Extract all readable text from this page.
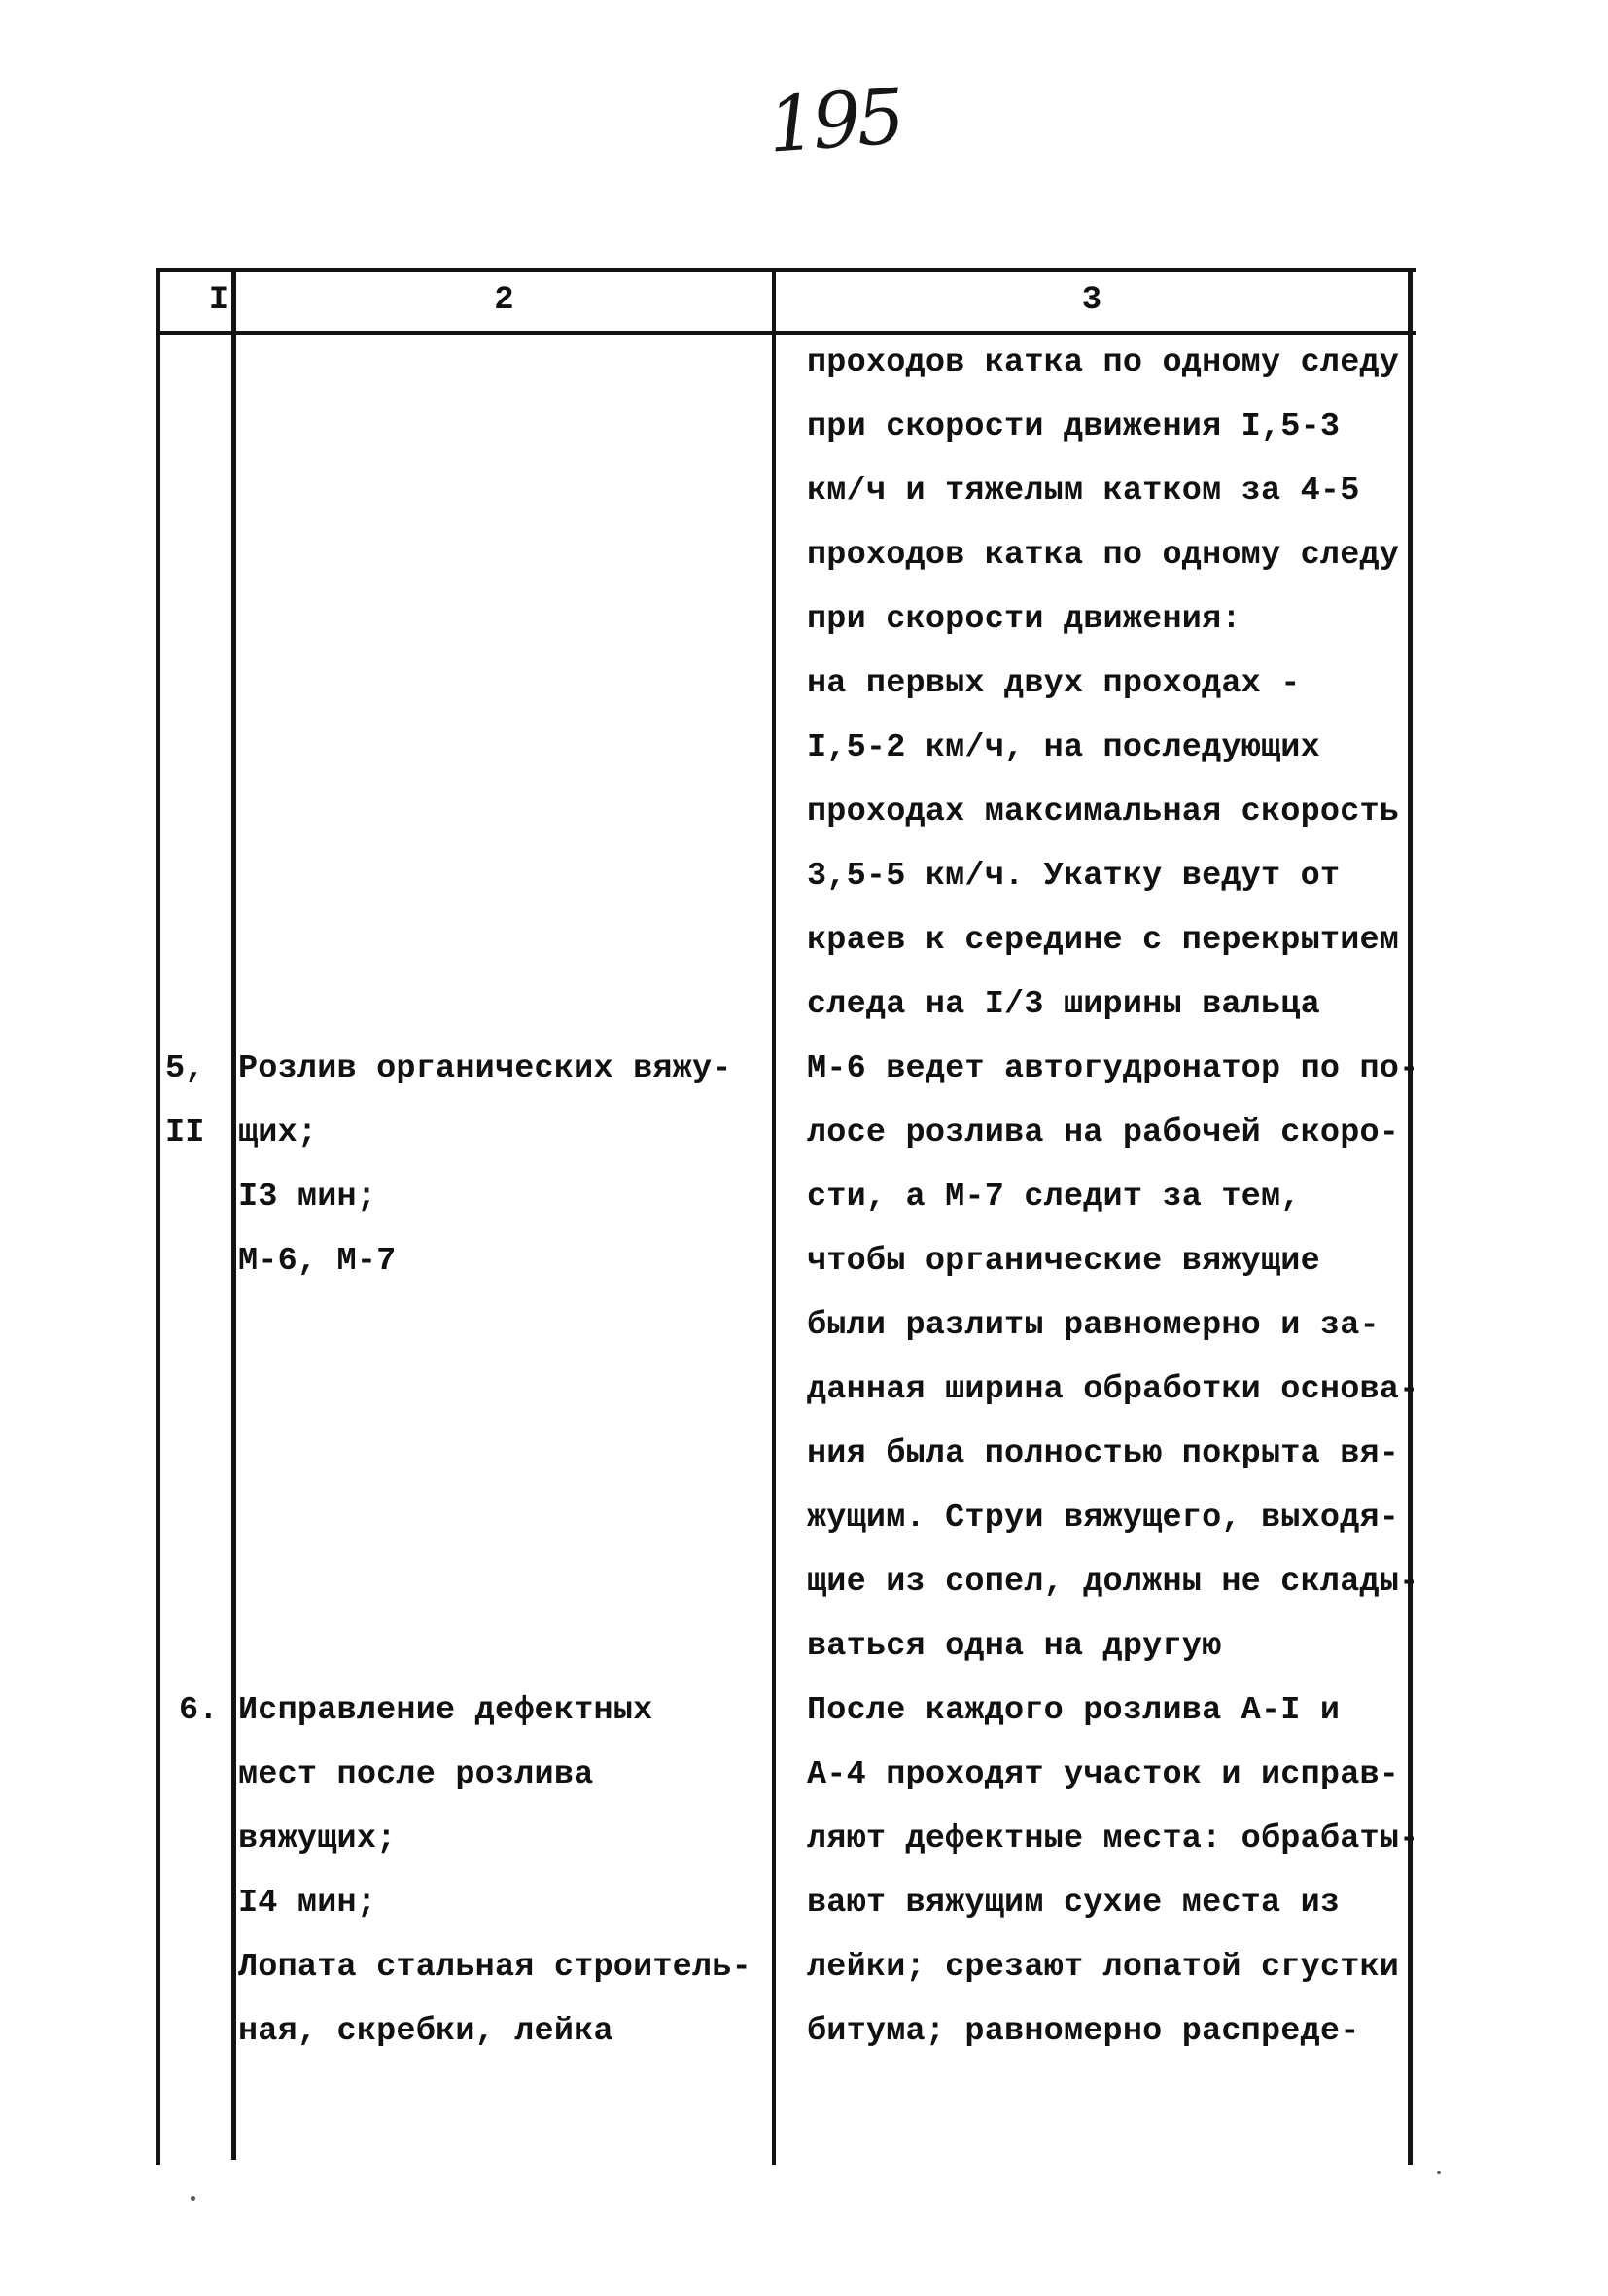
195
I	2	3
проходов катка по одному следу
при скорости движения I,5-3
км/ч и тяжелым катком за 4-5
проходов катка по одному следу
при скорости движения:
на первых двух проходах -
I,5-2 км/ч, на последующих
проходах максимальная скорость
3,5-5 км/ч. Укатку ведут от
краев к середине с перекрытием
следа на I/3 ширины вальца
5,
II
Розлив органических вяжу-
щих;
I3 мин;
М-6, М-7
М-6 ведет автогудронатор по по-
лосе розлива на рабочей скоро-
сти, а М-7 следит за тем,
чтобы органические вяжущие
были разлиты равномерно и за-
данная ширина обработки основа-
ния была полностью покрыта вя-
жущим. Струи вяжущего, выходя-
щие из сопел, должны не склады-
ваться одна на другую
6. Исправление дефектных
мест после розлива
вяжущих;
I4 мин;
Лопата стальная строитель-
ная, скребки, лейка
После каждого розлива А-I и
А-4 проходят участок и исправ-
ляют дефектные места: обрабаты-
вают вяжущим сухие места из
лейки; срезают лопатой сгустки
битума; равномерно распреде-
